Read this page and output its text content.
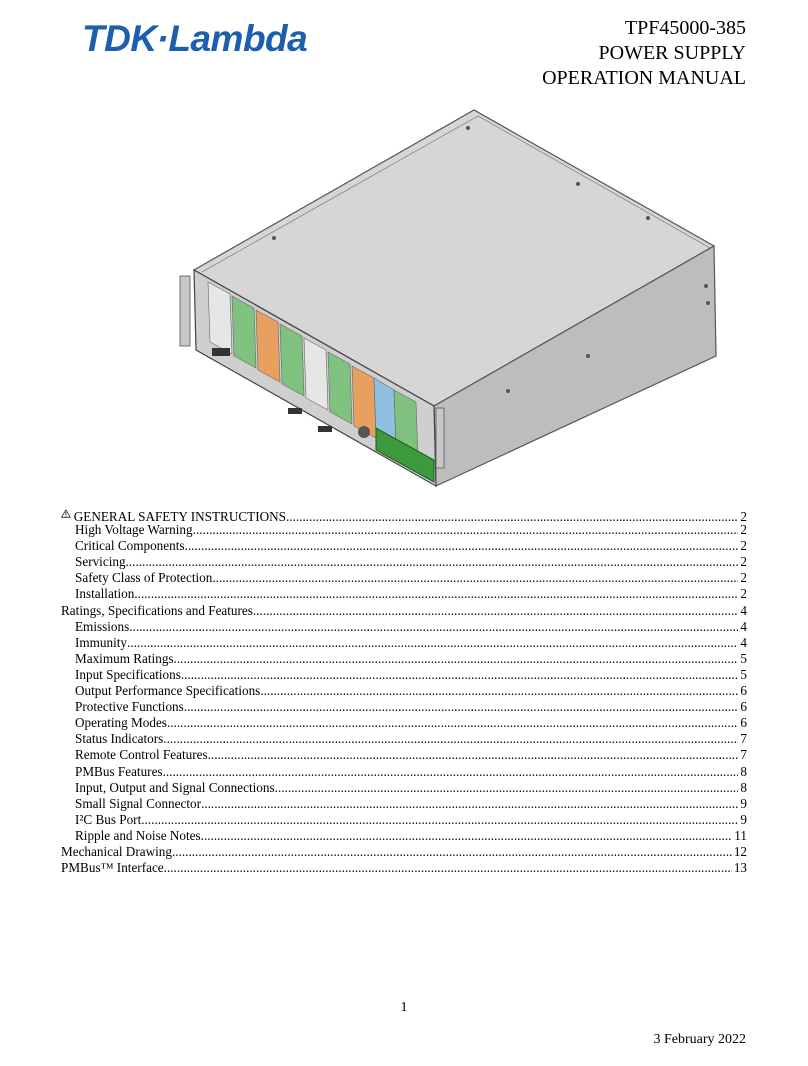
TDK·Lambda	TPF45000-385
POWER SUPPLY
OPERATION MANUAL
GENERAL SAFETY INSTRUCTIONS .....	2
High Voltage Warning .....	2
Critical Components .....	2
Servicing .....	2
Safety Class of Protection .....	2
Installation .....	2
Ratings, Specifications and Features .....	4
Emissions .....	4
Immunity .....	4
Maximum Ratings .....	5
Input Specifications .....	5
Output Performance Specifications .....	6
Protective Functions .....	6
Operating Modes .....	6
Status Indicators .....	7
Remote Control Features .....	7
PMBus Features .....	8
Input, Output and Signal Connections .....	8
Small Signal Connector .....	9
I²C Bus Port .....	9
Ripple and Noise Notes .....	11
Mechanical Drawing .....	12
PMBus™ Interface .....	13
1
3 February 2022
